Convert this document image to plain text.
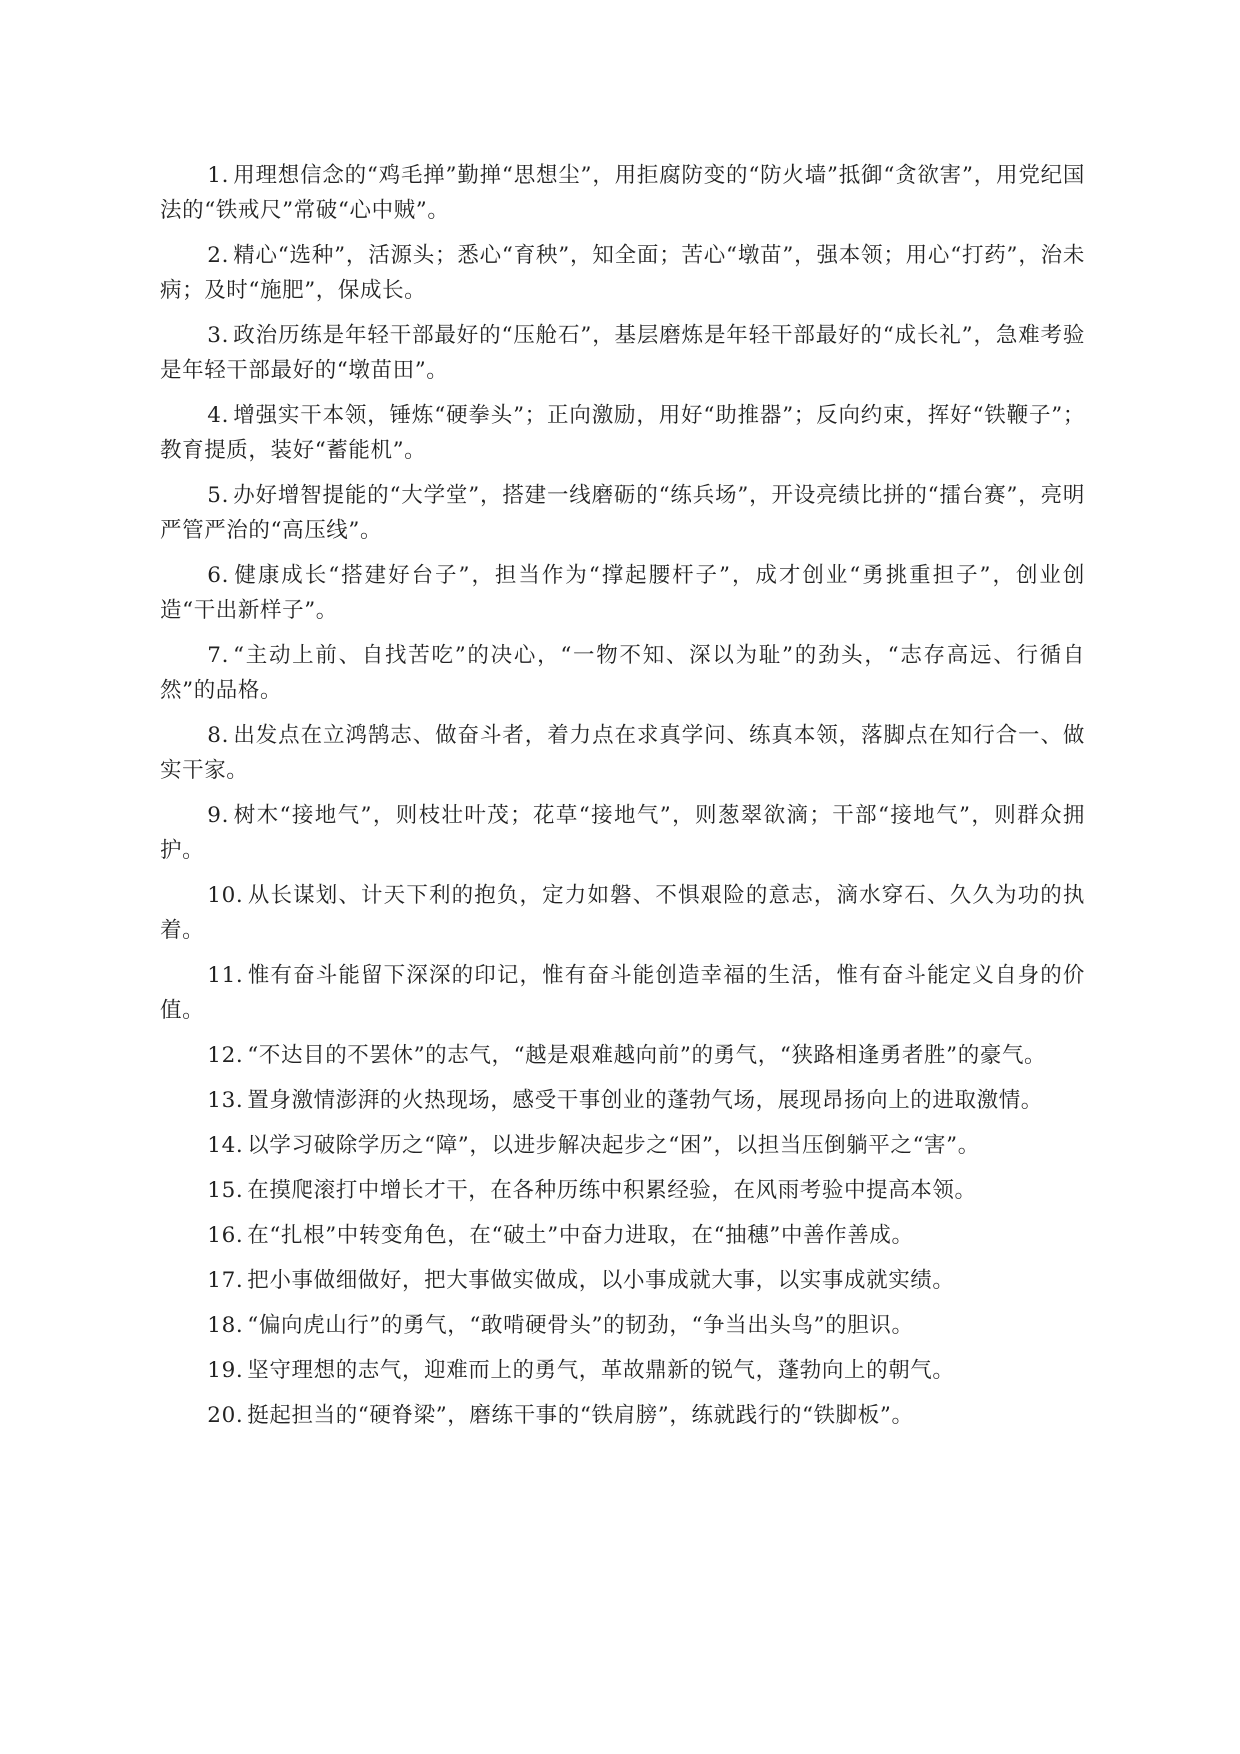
1. 用理想信念的“鸡毛掸”勤掸“思想尘”，用拒腐防变的“防火墙”抵御“贪欲害”，用党纪国法的“铁戒尺”常破“心中贼”。

2. 精心“选种”，活源头；悉心“育秧”，知全面；苦心“墩苗”，强本领；用心“打药”，治未病；及时“施肥”，保成长。

3. 政治历练是年轻干部最好的“压舱石”，基层磨炼是年轻干部最好的“成长礼”，急难考验是年轻干部最好的“墩苗田”。

4. 增强实干本领，锤炼“硬拳头”；正向激励，用好“助推器”；反向约束，挥好“铁鞭子”；教育提质，装好“蓄能机”。

5. 办好增智提能的“大学堂”，搭建一线磨砺的“练兵场”，开设亮绩比拼的“擂台赛”，亮明严管严治的“高压线”。

6. 健康成长“搭建好台子”，担当作为“撑起腰杆子”，成才创业“勇挑重担子”，创业创造“干出新样子”。

7. “主动上前、自找苦吃”的决心，“一物不知、深以为耻”的劲头，“志存高远、行循自然”的品格。

8. 出发点在立鸿鹄志、做奋斗者，着力点在求真学问、练真本领，落脚点在知行合一、做实干家。

9. 树木“接地气”，则枝壮叶茂；花草“接地气”，则葱翠欲滴；干部“接地气”，则群众拥护。

10. 从长谋划、计天下利的抱负，定力如磐、不惧艰险的意志，滴水穿石、久久为功的执着。

11. 惟有奋斗能留下深深的印记，惟有奋斗能创造幸福的生活，惟有奋斗能定义自身的价值。

12. “不达目的不罢休”的志气，“越是艰难越向前”的勇气，“狭路相逢勇者胜”的豪气。

13. 置身激情澎湃的火热现场，感受干事创业的蓬勃气场，展现昂扬向上的进取激情。

14. 以学习破除学历之“障”，以进步解决起步之“困”，以担当压倒躺平之“害”。

15. 在摸爬滚打中增长才干，在各种历练中积累经验，在风雨考验中提高本领。

16. 在“扎根”中转变角色，在“破土”中奋力进取，在“抽穗”中善作善成。

17. 把小事做细做好，把大事做实做成，以小事成就大事，以实事成就实绩。

18. “偏向虎山行”的勇气，“敢啃硬骨头”的韧劲，“争当出头鸟”的胆识。

19. 坚守理想的志气，迎难而上的勇气，革故鼎新的锐气，蓬勃向上的朝气。

20. 挺起担当的“硬脊梁”，磨练干事的“铁肩膀”，练就践行的“铁脚板”。
